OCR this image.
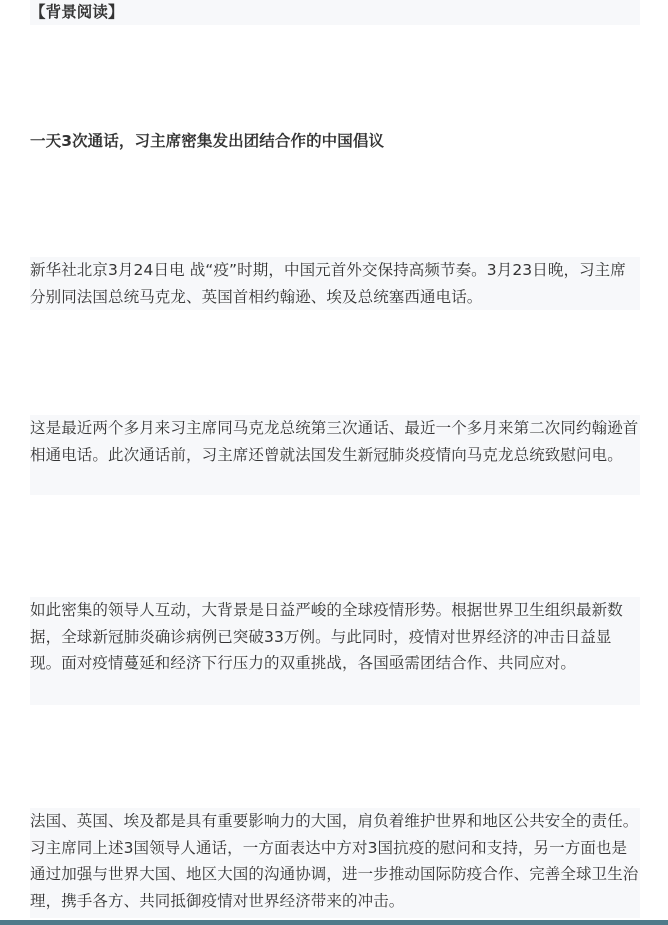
【背景阅读】

一天3次通话，习主席密集发出团结合作的中国倡议

新华社北京3月24日电 战“疫”时期，中国元首外交保持高频节奏。3月23日晚，习主席分别同法国总统马克龙、英国首相约翰逊、埃及总统塞西通电话。

这是最近两个多月来习主席同马克龙总统第三次通话、最近一个多月来第二次同约翰逊首相通电话。此次通话前，习主席还曾就法国发生新冠肺炎疫情向马克龙总统致慰问电。

如此密集的领导人互动，大背景是日益严峻的全球疫情形势。根据世界卫生组织最新数据，全球新冠肺炎确诊病例已突破33万例。与此同时，疫情对世界经济的冲击日益显现。面对疫情蔓延和经济下行压力的双重挑战，各国亟需团结合作、共同应对。

法国、英国、埃及都是具有重要影响力的大国，肩负着维护世界和地区公共安全的责任。习主席同上述3国领导人通话，一方面表达中方对3国抗疫的慰问和支持，另一方面也是通过加强与世界大国、地区大国的沟通协调，进一步推动国际防疫合作、完善全球卫生治理，携手各方、共同抵御疫情对世界经济带来的冲击。
